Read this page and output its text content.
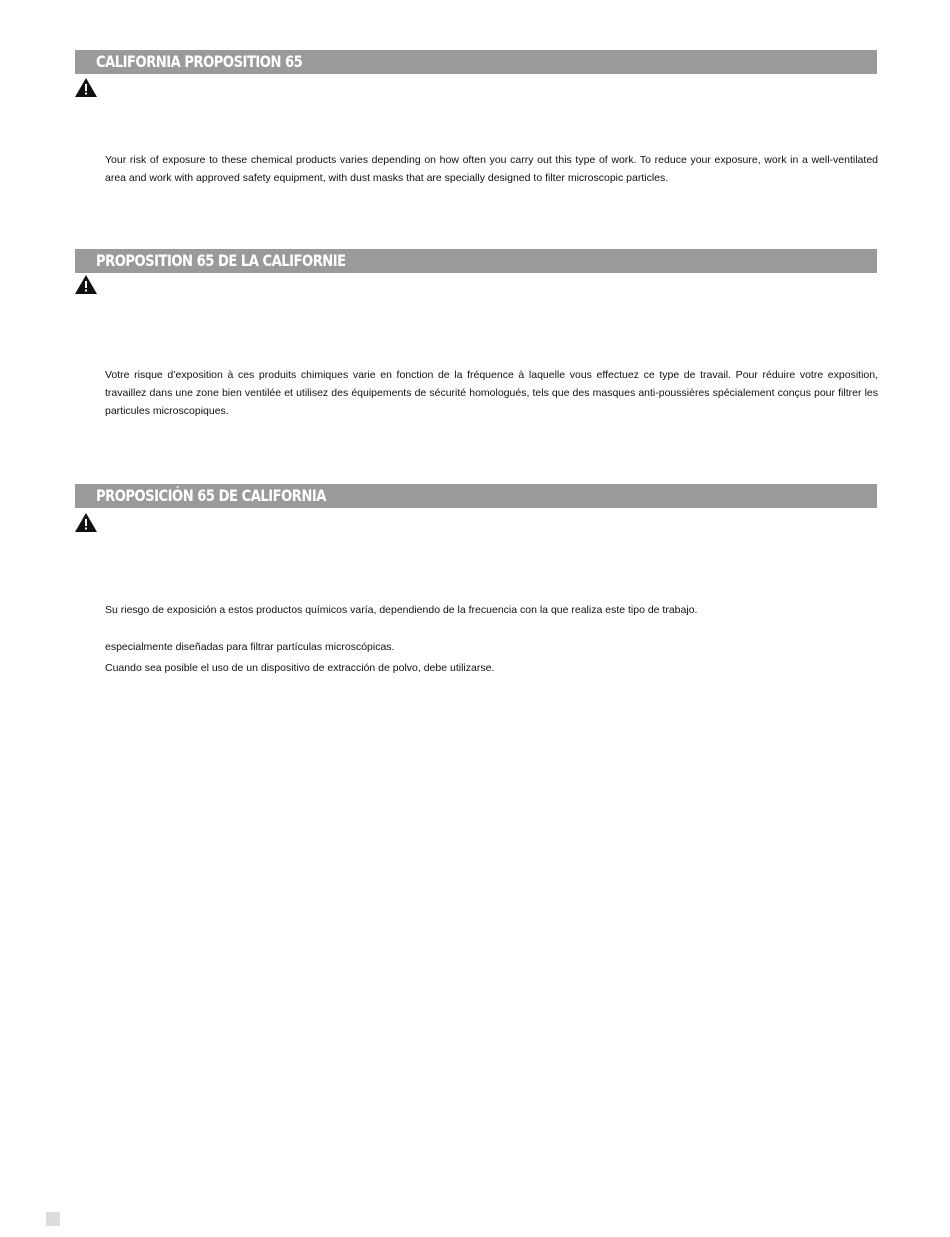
CALIFORNIA PROPOSITION 65

Your risk of exposure to these chemical products varies depending on how often you carry out this type of work. To reduce your exposure, work in a well-ventilated area and work with approved safety equipment, with dust masks that are specially designed to filter microscopic particles.

PROPOSITION 65 DE LA CALIFORNIE

Votre risque d’exposition à ces produits chimiques varie en fonction de la fréquence à laquelle vous effectuez ce type de travail. Pour réduire votre exposition, travaillez dans une zone bien ventilée et utilisez des équipements de sécurité homologués, tels que des masques anti-poussières spécialement conçus pour filtrer les particules microscopiques.

PROPOSICIÓN 65 DE CALIFORNIA

Su riesgo de exposición a estos productos químicos varía, dependiendo de la frecuencia con la que realiza este tipo de trabajo.

especialmente diseñadas para filtrar partículas microscópicas.

Cuando sea posible el uso de un dispositivo de extracción de polvo, debe utilizarse.
